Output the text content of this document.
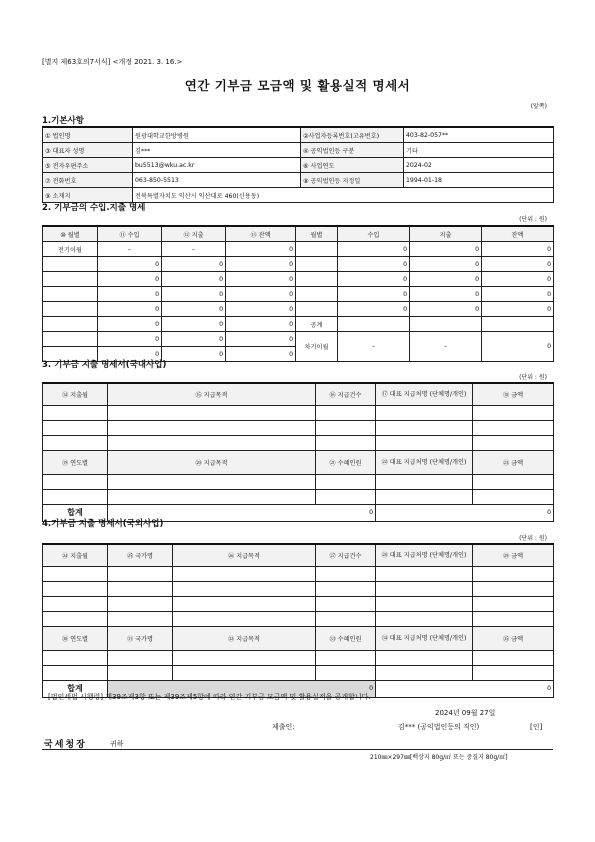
[별지 제63호의7서식] <개정 2021. 3. 16.>
연간 기부금 모금액 및 활용실적 명세서
(앞쪽)
1.기본사항
① 법인명	원광대학교한방병원	②사업자등록번호(고유번호)	403-82-057**
③ 대표자 성명	김***	④ 공익법인등 구분	기타
⑤ 전자우편주소	bu5513@wku.ac.kr	⑥ 사업연도	2024-02
⑦ 전화번호	063-850-5513	⑧ 공익법인등 지정일	1994-01-18
⑨ 소재지	전북특별자치도 익산시 익산대로 460(신용동)		
2. 기부금의 수입.지출 명세
(단위 : 원)
⑩ 월별	⑪ 수입	⑫ 지출	⑬ 잔액	월별	수입	지출	잔액
전기이월	–	–	0		0	0	0
	0	0	0		0	0	0
	0	0	0		0	0	0
	0	0	0		0	0	0
	0	0	0		0	0	0
	0	0	0	공계			
	0	0	0	차기이월	–	–	0
	0	0	0				
3. 기부금 지출 명세서(국내사업)
(단위 : 원)
⑭ 지출월	⑮ 지급목적	⑯ 지급건수	⑰ 대표 지급처명 (단체명/개인)	⑱ 금액

⑲ 연도별	⑳ 지급목적	㉑ 수혜인원	㉒ 대표 지급처명 (단체명/개인)	㉓ 금액

합계	0		0	
4.기부금 지출 명세서(국외사업)
(단위 : 원)
㉔ 지출월	㉕ 국가명	㉖ 지급목적	㉗ 지급건수	㉘ 대표 지급처명 (단체명/개인)	㉙ 금액

㉚ 연도별	㉛ 국가명	㉜ 지급목적	㉝ 수혜인원	㉞ 대표 지급처명 (단체명/개인)	㉟ 금액

합계	0			0	
[법인세법 시행령] 제39조제3항 또는 제39조제5항에 따라 연간 기부금 모금액 및 활용실적을 공개합니다.
2024년 09월 27일
제출인:	김*** (공익법인등의 직인)	[인]
국세청장	귀하
210㎜×297㎜[백상지 80g/㎡ 또는 중질지 80g/㎡]
